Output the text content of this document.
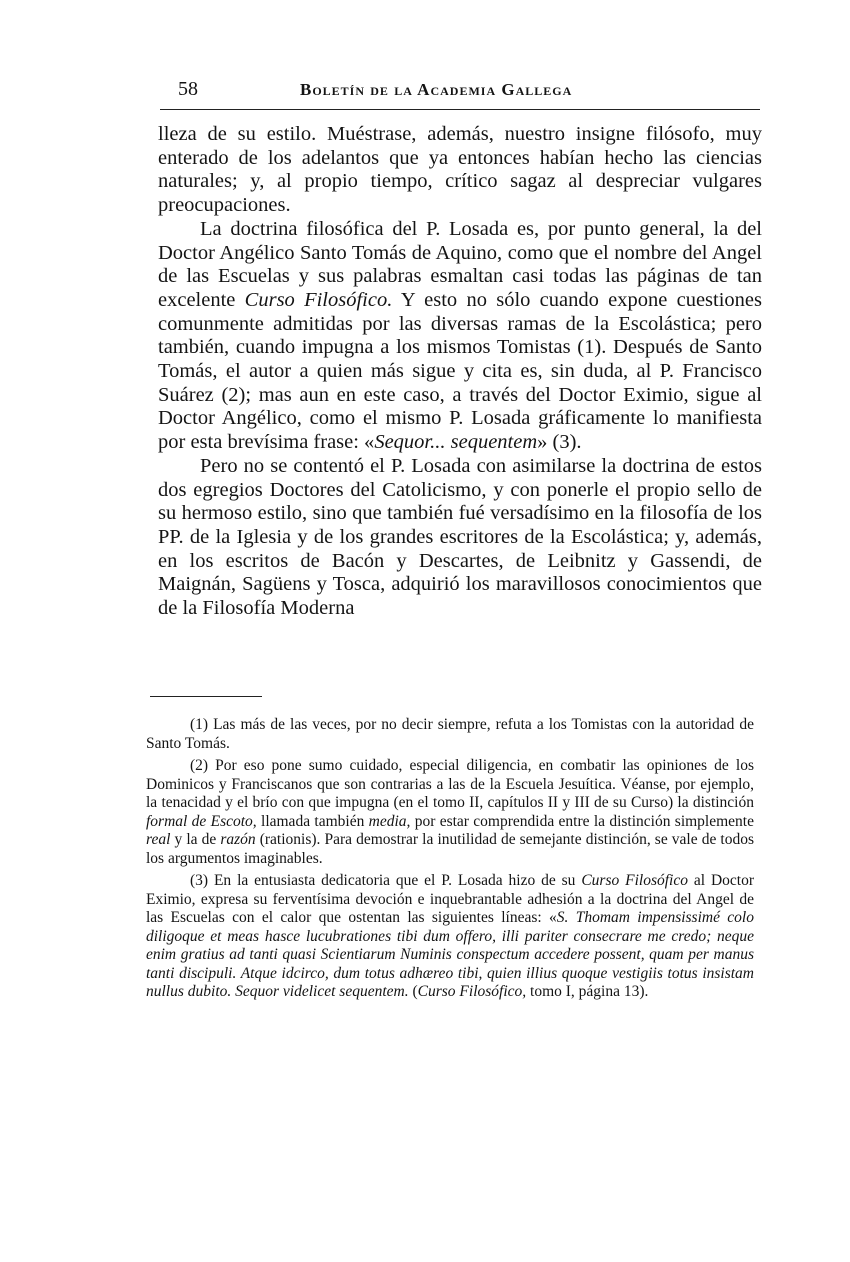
58	Boletín de la Academia Gallega

lleza de su estilo. Muéstrase, además, nuestro insigne filósofo, muy enterado de los adelantos que ya entonces habían hecho las ciencias naturales; y, al propio tiempo, crítico sagaz al despreciar vulgares preocupaciones.

La doctrina filosófica del P. Losada es, por punto general, la del Doctor Angélico Santo Tomás de Aquino, como que el nombre del Angel de las Escuelas y sus palabras esmaltan casi todas las páginas de tan excelente Curso Filosófico. Y esto no sólo cuando expone cuestiones comunmente admitidas por las diversas ramas de la Escolástica; pero también, cuando impugna a los mismos Tomistas (1). Después de Santo Tomás, el autor a quien más sigue y cita es, sin duda, al P. Francisco Suárez (2); mas aun en este caso, a través del Doctor Eximio, sigue al Doctor Angélico, como el mismo P. Losada gráficamente lo manifiesta por esta brevísima frase: «Sequor... sequentem» (3).

Pero no se contentó el P. Losada con asimilarse la doctrina de estos dos egregios Doctores del Catolicismo, y con ponerle el propio sello de su hermoso estilo, sino que también fué versadísimo en la filosofía de los PP. de la Iglesia y de los grandes escritores de la Escolástica; y, además, en los escritos de Bacón y Descartes, de Leibnitz y Gassendi, de Maignán, Sagüens y Tosca, adquirió los maravillosos conocimientos que de la Filosofía Moderna

(1) Las más de las veces, por no decir siempre, refuta a los Tomistas con la autoridad de Santo Tomás.

(2) Por eso pone sumo cuidado, especial diligencia, en combatir las opiniones de los Dominicos y Franciscanos que son contrarias a las de la Escuela Jesuítica. Véanse, por ejemplo, la tenacidad y el brío con que impugna (en el tomo II, capítulos II y III de su Curso) la distinción formal de Escoto, llamada también media, por estar comprendida entre la distinción simplemente real y la de razón (rationis). Para demostrar la inutilidad de semejante distinción, se vale de todos los argumentos imaginables.

(3) En la entusiasta dedicatoria que el P. Losada hizo de su Curso Filosófico al Doctor Eximio, expresa su ferventísima devoción e inquebrantable adhesión a la doctrina del Angel de las Escuelas con el calor que ostentan las siguientes líneas: «S. Thomam impensissimé colo diligoque et meas hasce lucubrationes tibi dum offero, illi pariter consecrare me credo; neque enim gratius ad tanti quasi Scientiarum Numinis conspectum accedere possent, quam per manus tanti discipuli. Atque idcirco, dum totus adhæreo tibi, quien illius quoque vestigiis totus insistam nullus dubito. Sequor videlicet sequentem. (Curso Filosófico, tomo I, página 13).
